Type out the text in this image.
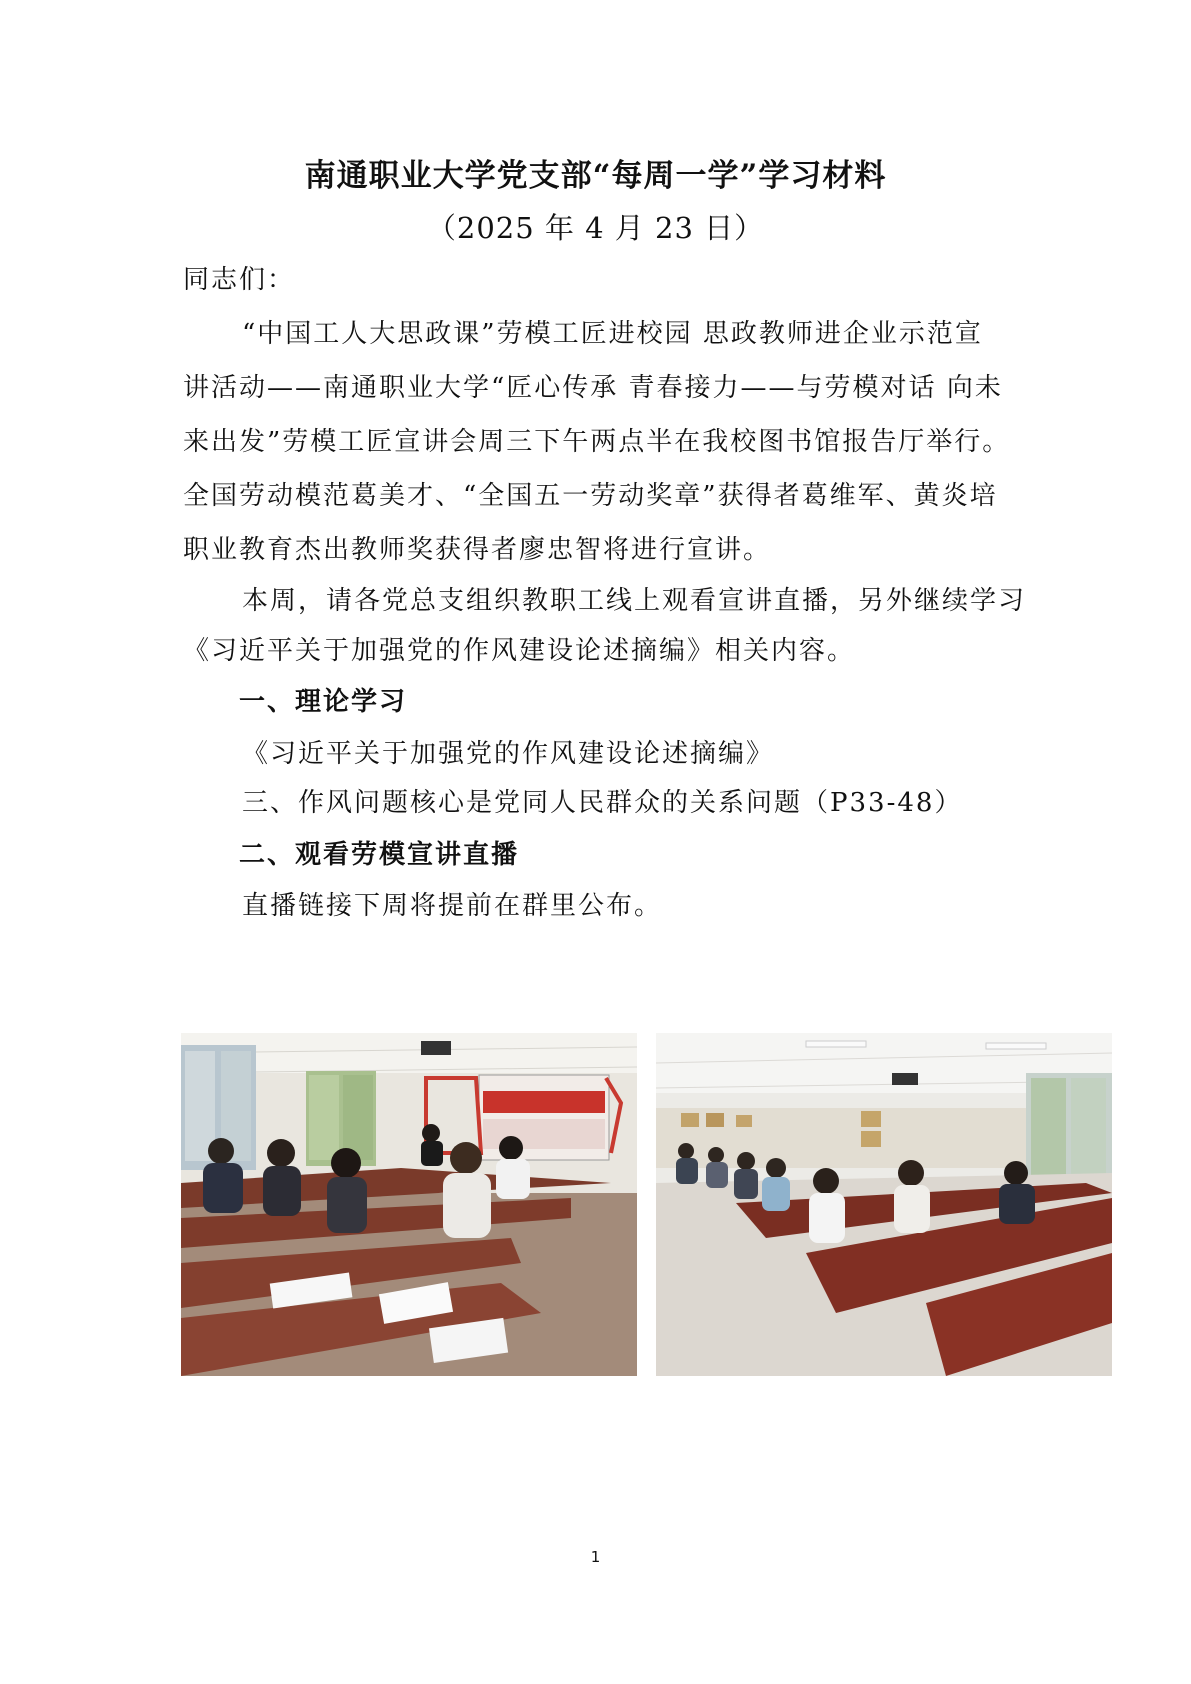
南通职业大学党支部“每周一学”学习材料
（2025 年 4 月 23 日）
同志们：
“中国工人大思政课”劳模工匠进校园 思政教师进企业示范宣
讲活动——南通职业大学“匠心传承 青春接力——与劳模对话 向未
来出发”劳模工匠宣讲会周三下午两点半在我校图书馆报告厅举行。
全国劳动模范葛美才、“全国五一劳动奖章”获得者葛维军、黄炎培
职业教育杰出教师奖获得者廖忠智将进行宣讲。
本周，请各党总支组织教职工线上观看宣讲直播，另外继续学习
《习近平关于加强党的作风建设论述摘编》相关内容。
一、理论学习
《习近平关于加强党的作风建设论述摘编》
三、作风问题核心是党同人民群众的关系问题（P33-48）
二、观看劳模宣讲直播
直播链接下周将提前在群里公布。
1
